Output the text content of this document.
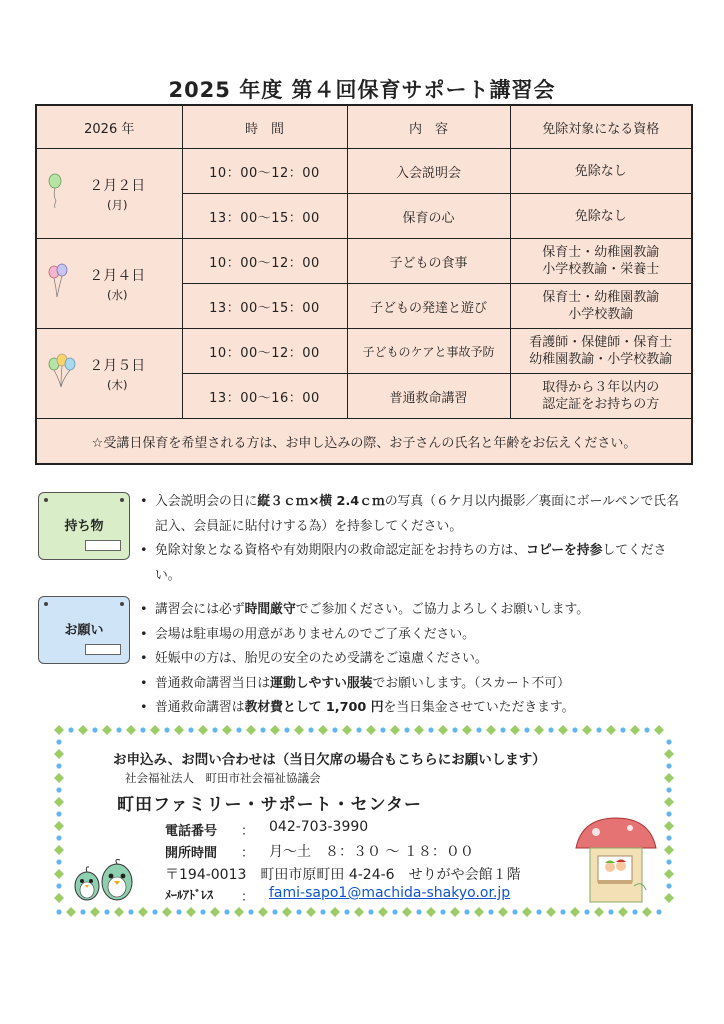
2025 年度 第４回保育サポート講習会
2026 年	時　間	内　容	免除対象になる資格

２月２日
(月)	10：00〜12：00	入会説明会	免除なし
	13：00〜15：00	保育の心	免除なし

２月４日
(水)	10：00〜12：00	子どもの食事	保育士・幼稚園教諭
小学校教諭・栄養士
	13：00〜15：00	子どもの発達と遊び	保育士・幼稚園教諭
小学校教諭

２月５日
(木)	10：00〜12：00	子どものケアと事故予防	看護師・保健師・保育士
幼稚園教諭・小学校教諭
	13：00〜16：00	普通救命講習	取得から３年以内の
認定証をお持ちの方
☆受講日保育を希望される方は、お申し込みの際、お子さんの氏名と年齢をお伝えください。			
持ち物
• 入会説明会の日に縦３ｃｍ×横 2.4ｃｍの写真（６ケ月以内撮影／裏面にボールペンで氏名記入、会員証に貼付けする為）を持参してください。
• 免除対象となる資格や有効期限内の救命認定証をお持ちの方は、コピーを持参してください。
お願い
• 講習会には必ず時間厳守でご参加ください。ご協力よろしくお願いします。
• 会場は駐車場の用意がありませんのでご了承ください。
• 妊娠中の方は、胎児の安全のため受講をご遠慮ください。
• 普通救命講習当日は運動しやすい服装でお願いします。（スカート不可）
• 普通救命講習は教材費として 1,700 円を当日集金させていただきます。
お申込み、お問い合わせは（当日欠席の場合もこちらにお願いします）
社会福祉法人　町田市社会福祉協議会
町田ファミリー・サポート・センター
電話番号 ： 042-703-3990
開所時間 ： 月〜土　８：３０ 〜 １８：００
〒194-0013　町田市原町田 4-24-6　せりがや会館１階
ﾒｰﾙｱﾄﾞﾚｽ ： fami-sapo1@machida-shakyo.or.jp
